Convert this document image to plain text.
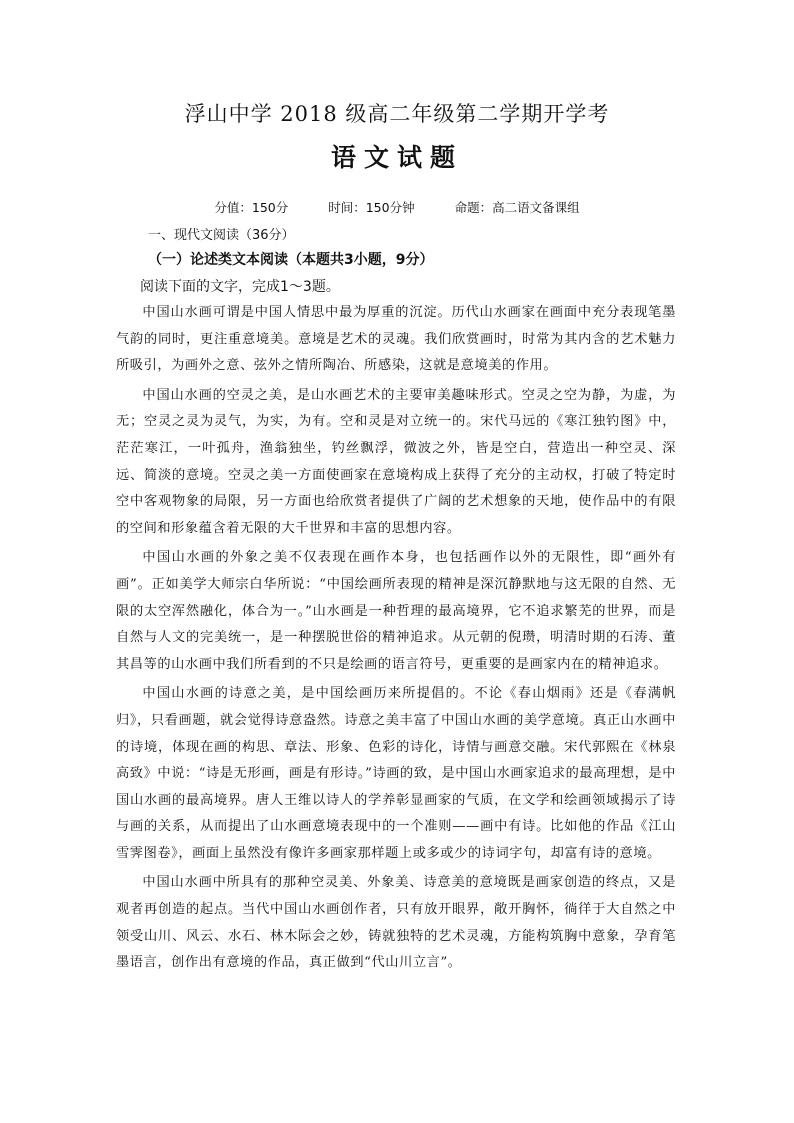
浮山中学 2018 级高二年级第二学期开学考
语文试题
分值：150分	时间：150分钟	命题：高二语文备课组
一、现代文阅读（36分）
（一）论述类文本阅读（本题共3小题，9分）
阅读下面的文字，完成1～3题。

中国山水画可谓是中国人情思中最为厚重的沉淀。历代山水画家在画面中充分表现笔墨气韵的同时，更注重意境美。意境是艺术的灵魂。我们欣赏画时，时常为其内含的艺术魅力所吸引，为画外之意、弦外之情所陶冶、所感染，这就是意境美的作用。

中国山水画的空灵之美，是山水画艺术的主要审美趣味形式。空灵之空为静，为虚，为无；空灵之灵为灵气，为实，为有。空和灵是对立统一的。宋代马远的《寒江独钓图》中，茫茫寒江，一叶孤舟，渔翁独坐，钓丝飘浮，微波之外，皆是空白，营造出一种空灵、深远、简淡的意境。空灵之美一方面使画家在意境构成上获得了充分的主动权，打破了特定时空中客观物象的局限，另一方面也给欣赏者提供了广阔的艺术想象的天地，使作品中的有限的空间和形象蕴含着无限的大千世界和丰富的思想内容。

中国山水画的外象之美不仅表现在画作本身，也包括画作以外的无限性，即“画外有画”。正如美学大师宗白华所说：“中国绘画所表现的精神是深沉静默地与这无限的自然、无限的太空浑然融化，体合为一。”山水画是一种哲理的最高境界，它不追求繁芜的世界，而是自然与人文的完美统一，是一种摆脱世俗的精神追求。从元朝的倪瓒，明清时期的石涛、董其昌等的山水画中我们所看到的不只是绘画的语言符号，更重要的是画家内在的精神追求。

中国山水画的诗意之美，是中国绘画历来所提倡的。不论《春山烟雨》还是《春满帆归》，只看画题，就会觉得诗意盎然。诗意之美丰富了中国山水画的美学意境。真正山水画中的诗境，体现在画的构思、章法、形象、色彩的诗化，诗情与画意交融。宋代郭熙在《林泉高致》中说：“诗是无形画，画是有形诗。”诗画的致，是中国山水画家追求的最高理想，是中国山水画的最高境界。唐人王维以诗人的学养彰显画家的气质，在文学和绘画领域揭示了诗与画的关系，从而提出了山水画意境表现中的一个准则——画中有诗。比如他的作品《江山雪霁图卷》，画面上虽然没有像许多画家那样题上或多或少的诗词字句，却富有诗的意境。

中国山水画中所具有的那种空灵美、外象美、诗意美的意境既是画家创造的终点，又是观者再创造的起点。当代中国山水画创作者，只有放开眼界，敞开胸怀，徜徉于大自然之中领受山川、风云、水石、林木际会之妙，铸就独特的艺术灵魂，方能构筑胸中意象，孕育笔墨语言，创作出有意境的作品，真正做到“代山川立言”。
